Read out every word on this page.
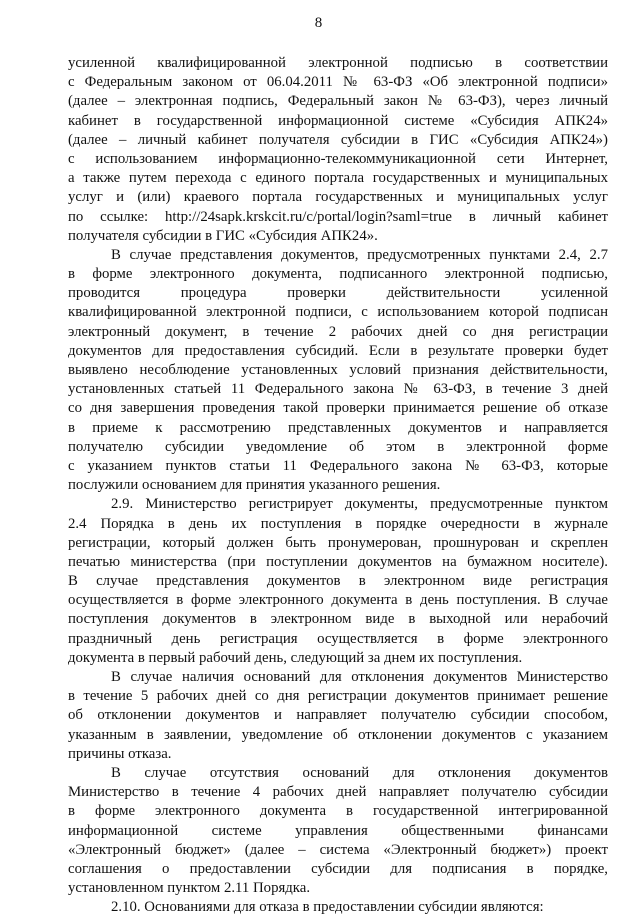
8
усиленной квалифицированной электронной подписью в соответствии
с Федеральным законом от 06.04.2011 № 63-ФЗ «Об электронной подписи»
(далее – электронная подпись, Федеральный закон № 63-ФЗ), через личный
кабинет в государственной информационной системе «Субсидия АПК24»
(далее – личный кабинет получателя субсидии в ГИС «Субсидия АПК24»)
с использованием информационно-телекоммуникационной сети Интернет,
а также путем перехода с единого портала государственных и муниципальных
услуг и (или) краевого портала государственных и муниципальных услуг
по ссылке: http://24sapk.krskcit.ru/c/portal/login?saml=true в личный кабинет
получателя субсидии в ГИС «Субсидия АПК24».
В случае представления документов, предусмотренных пунктами 2.4, 2.7
в форме электронного документа, подписанного электронной подписью,
проводится процедура проверки действительности усиленной
квалифицированной электронной подписи, с использованием которой подписан
электронный документ, в течение 2 рабочих дней со дня регистрации
документов для предоставления субсидий. Если в результате проверки будет
выявлено несоблюдение установленных условий признания действительности,
установленных статьей 11 Федерального закона № 63-ФЗ, в течение 3 дней
со дня завершения проведения такой проверки принимается решение об отказе
в приеме к рассмотрению представленных документов и направляется
получателю субсидии уведомление об этом в электронной форме
с указанием пунктов статьи 11 Федерального закона № 63-ФЗ, которые
послужили основанием для принятия указанного решения.
2.9. Министерство регистрирует документы, предусмотренные пунктом
2.4 Порядка в день их поступления в порядке очередности в журнале
регистрации, который должен быть пронумерован, прошнурован и скреплен
печатью министерства (при поступлении документов на бумажном носителе).
В случае представления документов в электронном виде регистрация
осуществляется в форме электронного документа в день поступления. В случае
поступления документов в электронном виде в выходной или нерабочий
праздничный день регистрация осуществляется в форме электронного
документа в первый рабочий день, следующий за днем их поступления.
В случае наличия оснований для отклонения документов Министерство
в течение 5 рабочих дней со дня регистрации документов принимает решение
об отклонении документов и направляет получателю субсидии способом,
указанным в заявлении, уведомление об отклонении документов с указанием
причины отказа.
В случае отсутствия оснований для отклонения документов
Министерство в течение 4 рабочих дней направляет получателю субсидии
в форме электронного документа в государственной интегрированной
информационной системе управления общественными финансами
«Электронный бюджет» (далее – система «Электронный бюджет») проект
соглашения о предоставлении субсидии для подписания в порядке,
установленном пунктом 2.11 Порядка.
2.10. Основаниями для отказа в предоставлении субсидии являются:
